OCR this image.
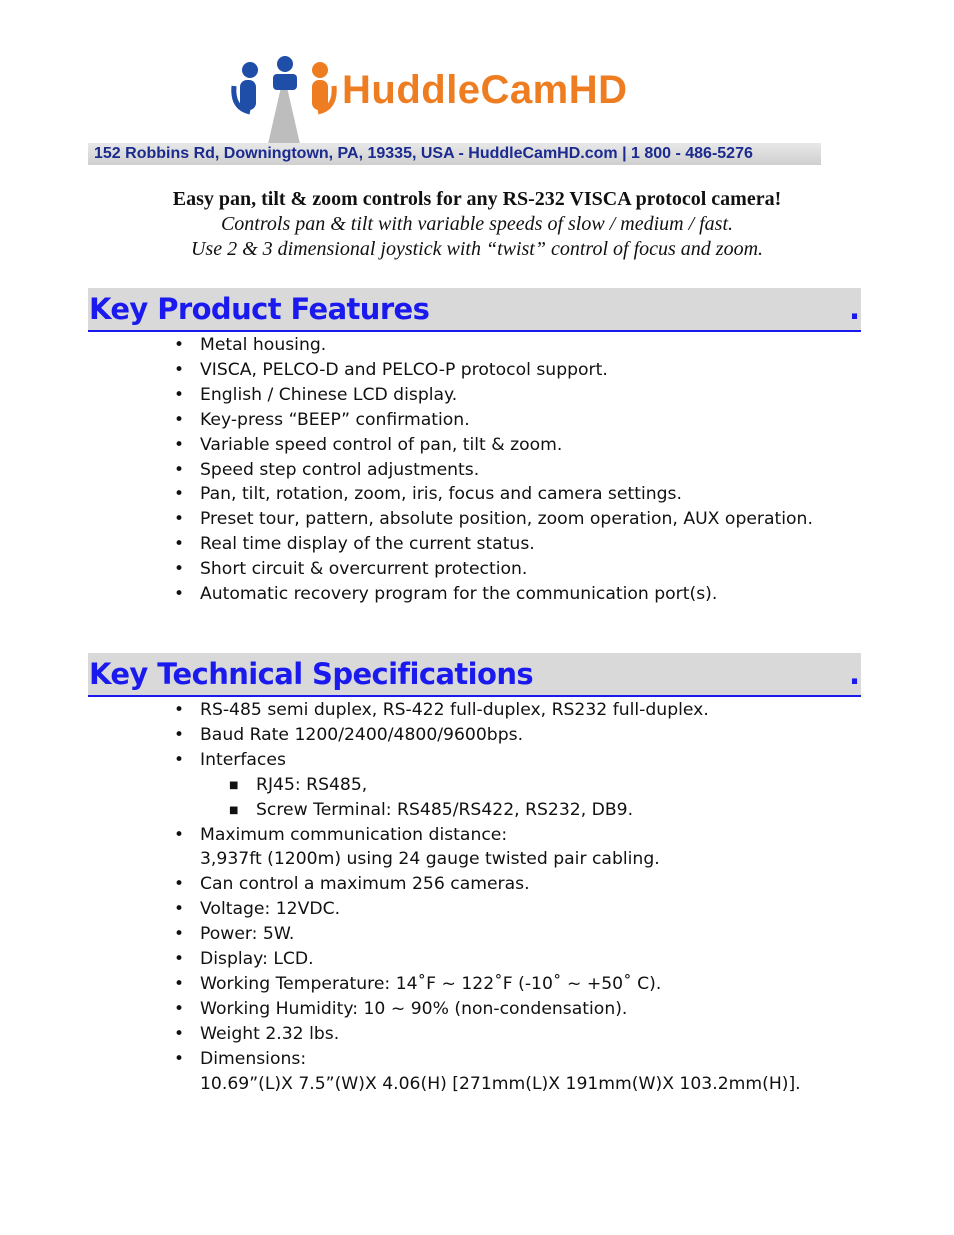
HuddleCamHD
152 Robbins Rd, Downingtown, PA, 19335, USA - HuddleCamHD.com | 1 800 - 486-5276
Easy pan, tilt & zoom controls for any RS-232 VISCA protocol camera!
Controls pan & tilt with variable speeds of slow / medium / fast.
Use 2 & 3 dimensional joystick with “twist” control of focus and zoom.
Key Product Features	.
• Metal housing.
• VISCA, PELCO-D and PELCO-P protocol support.
• English / Chinese LCD display.
• Key-press “BEEP” confirmation.
• Variable speed control of pan, tilt & zoom.
• Speed step control adjustments.
• Pan, tilt, rotation, zoom, iris, focus and camera settings.
• Preset tour, pattern, absolute position, zoom operation, AUX operation.
• Real time display of the current status.
• Short circuit & overcurrent protection.
• Automatic recovery program for the communication port(s).
Key Technical Specifications	.
• RS-485 semi duplex, RS-422 full-duplex, RS232 full-duplex.
• Baud Rate 1200/2400/4800/9600bps.
• Interfaces
■ RJ45: RS485,
■ Screw Terminal: RS485/RS422, RS232, DB9.
• Maximum communication distance:
3,937ft (1200m) using 24 gauge twisted pair cabling.
• Can control a maximum 256 cameras.
• Voltage: 12VDC.
• Power: 5W.
• Display: LCD.
• Working Temperature: 14˚F ~ 122˚F (-10˚ ~ +50˚ C).
• Working Humidity: 10 ~ 90% (non-condensation).
• Weight 2.32 lbs.
• Dimensions:
10.69”(L)X 7.5”(W)X 4.06(H) [271mm(L)X 191mm(W)X 103.2mm(H)].
